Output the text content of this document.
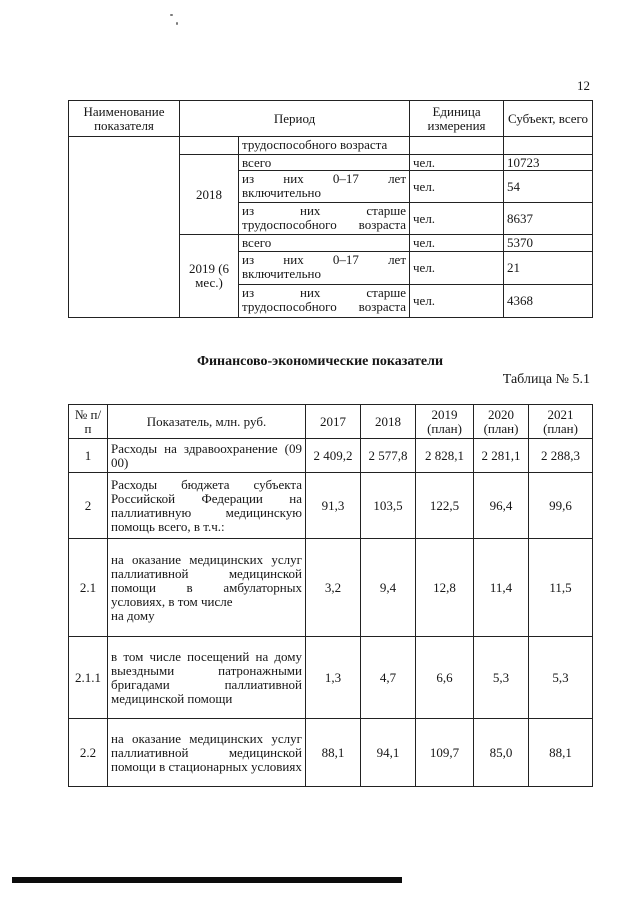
12
Наименование показателя	Период		Единица измерения	Субъект, всего
		трудоспособного возраста		
	2018	всего	чел.	10723
		из них 0–17 лет включительно	чел.	54
		из них старше трудоспособного возраста	чел.	8637
	2019 (6 мес.)	всего	чел.	5370
		из них 0–17 лет включительно	чел.	21
		из них старше трудоспособного возраста	чел.	4368
Финансово-экономические показатели
Таблица № 5.1
№ п/п	Показатель, млн. руб.	2017	2018	2019 (план)	2020 (план)	2021 (план)
1	Расходы на здравоохранение (09 00)	2 409,2	2 577,8	2 828,1	2 281,1	2 288,3
2	Расходы бюджета субъекта Российской Федерации на паллиативную медицинскую помощь всего, в т.ч.:	91,3	103,5	122,5	96,4	99,6
2.1	на оказание медицинских услуг паллиативной медицинской помощи в амбулаторных условиях, в том числе
на дому	3,2	9,4	12,8	11,4	11,5
2.1.1	в том числе посещений на дому выездными патронажными бригадами паллиативной медицинской помощи	1,3	4,7	6,6	5,3	5,3
2.2	на оказание медицинских услуг паллиативной медицинской помощи в стационарных условиях	88,1	94,1	109,7	85,0	88,1
